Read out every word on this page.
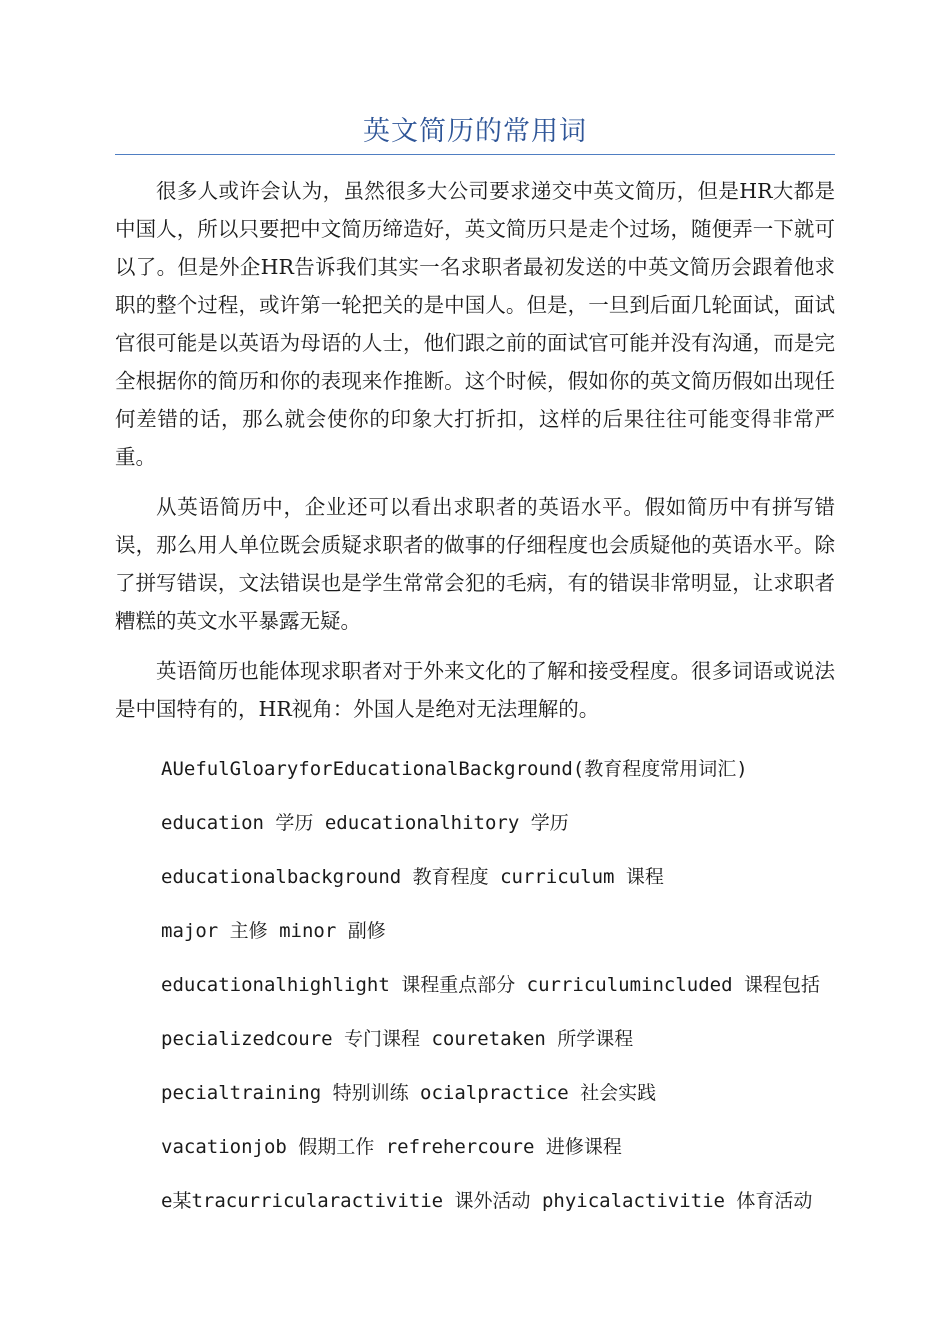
英文简历的常用词

很多人或许会认为，虽然很多大公司要求递交中英文简历，但是HR大都是中国人，所以只要把中文简历缔造好，英文简历只是走个过场，随便弄一下就可以了。但是外企HR告诉我们其实一名求职者最初发送的中英文简历会跟着他求职的整个过程，或许第一轮把关的是中国人。但是，一旦到后面几轮面试，面试官很可能是以英语为母语的人士，他们跟之前的面试官可能并没有沟通，而是完全根据你的简历和你的表现来作推断。这个时候，假如你的英文简历假如出现任何差错的话，那么就会使你的印象大打折扣，这样的后果往往可能变得非常严重。

从英语简历中，企业还可以看出求职者的英语水平。假如简历中有拼写错误，那么用人单位既会质疑求职者的做事的仔细程度也会质疑他的英语水平。除了拼写错误，文法错误也是学生常常会犯的毛病，有的错误非常明显，让求职者糟糕的英文水平暴露无疑。

英语简历也能体现求职者对于外来文化的了解和接受程度。很多词语或说法是中国特有的，HR视角：外国人是绝对无法理解的。

AUefulGloaryforEducationalBackground(教育程度常用词汇)

education 学历 educationalhitory 学历

educationalbackground 教育程度 curriculum 课程

major 主修 minor 副修

educationalhighlight 课程重点部分 curriculumincluded 课程包括

pecializedcoure 专门课程 couretaken 所学课程

pecialtraining 特别训练 ocialpractice 社会实践

vacationjob 假期工作 refrehercoure 进修课程

e某tracurricularactivitie 课外活动 phyicalactivitie 体育活动
